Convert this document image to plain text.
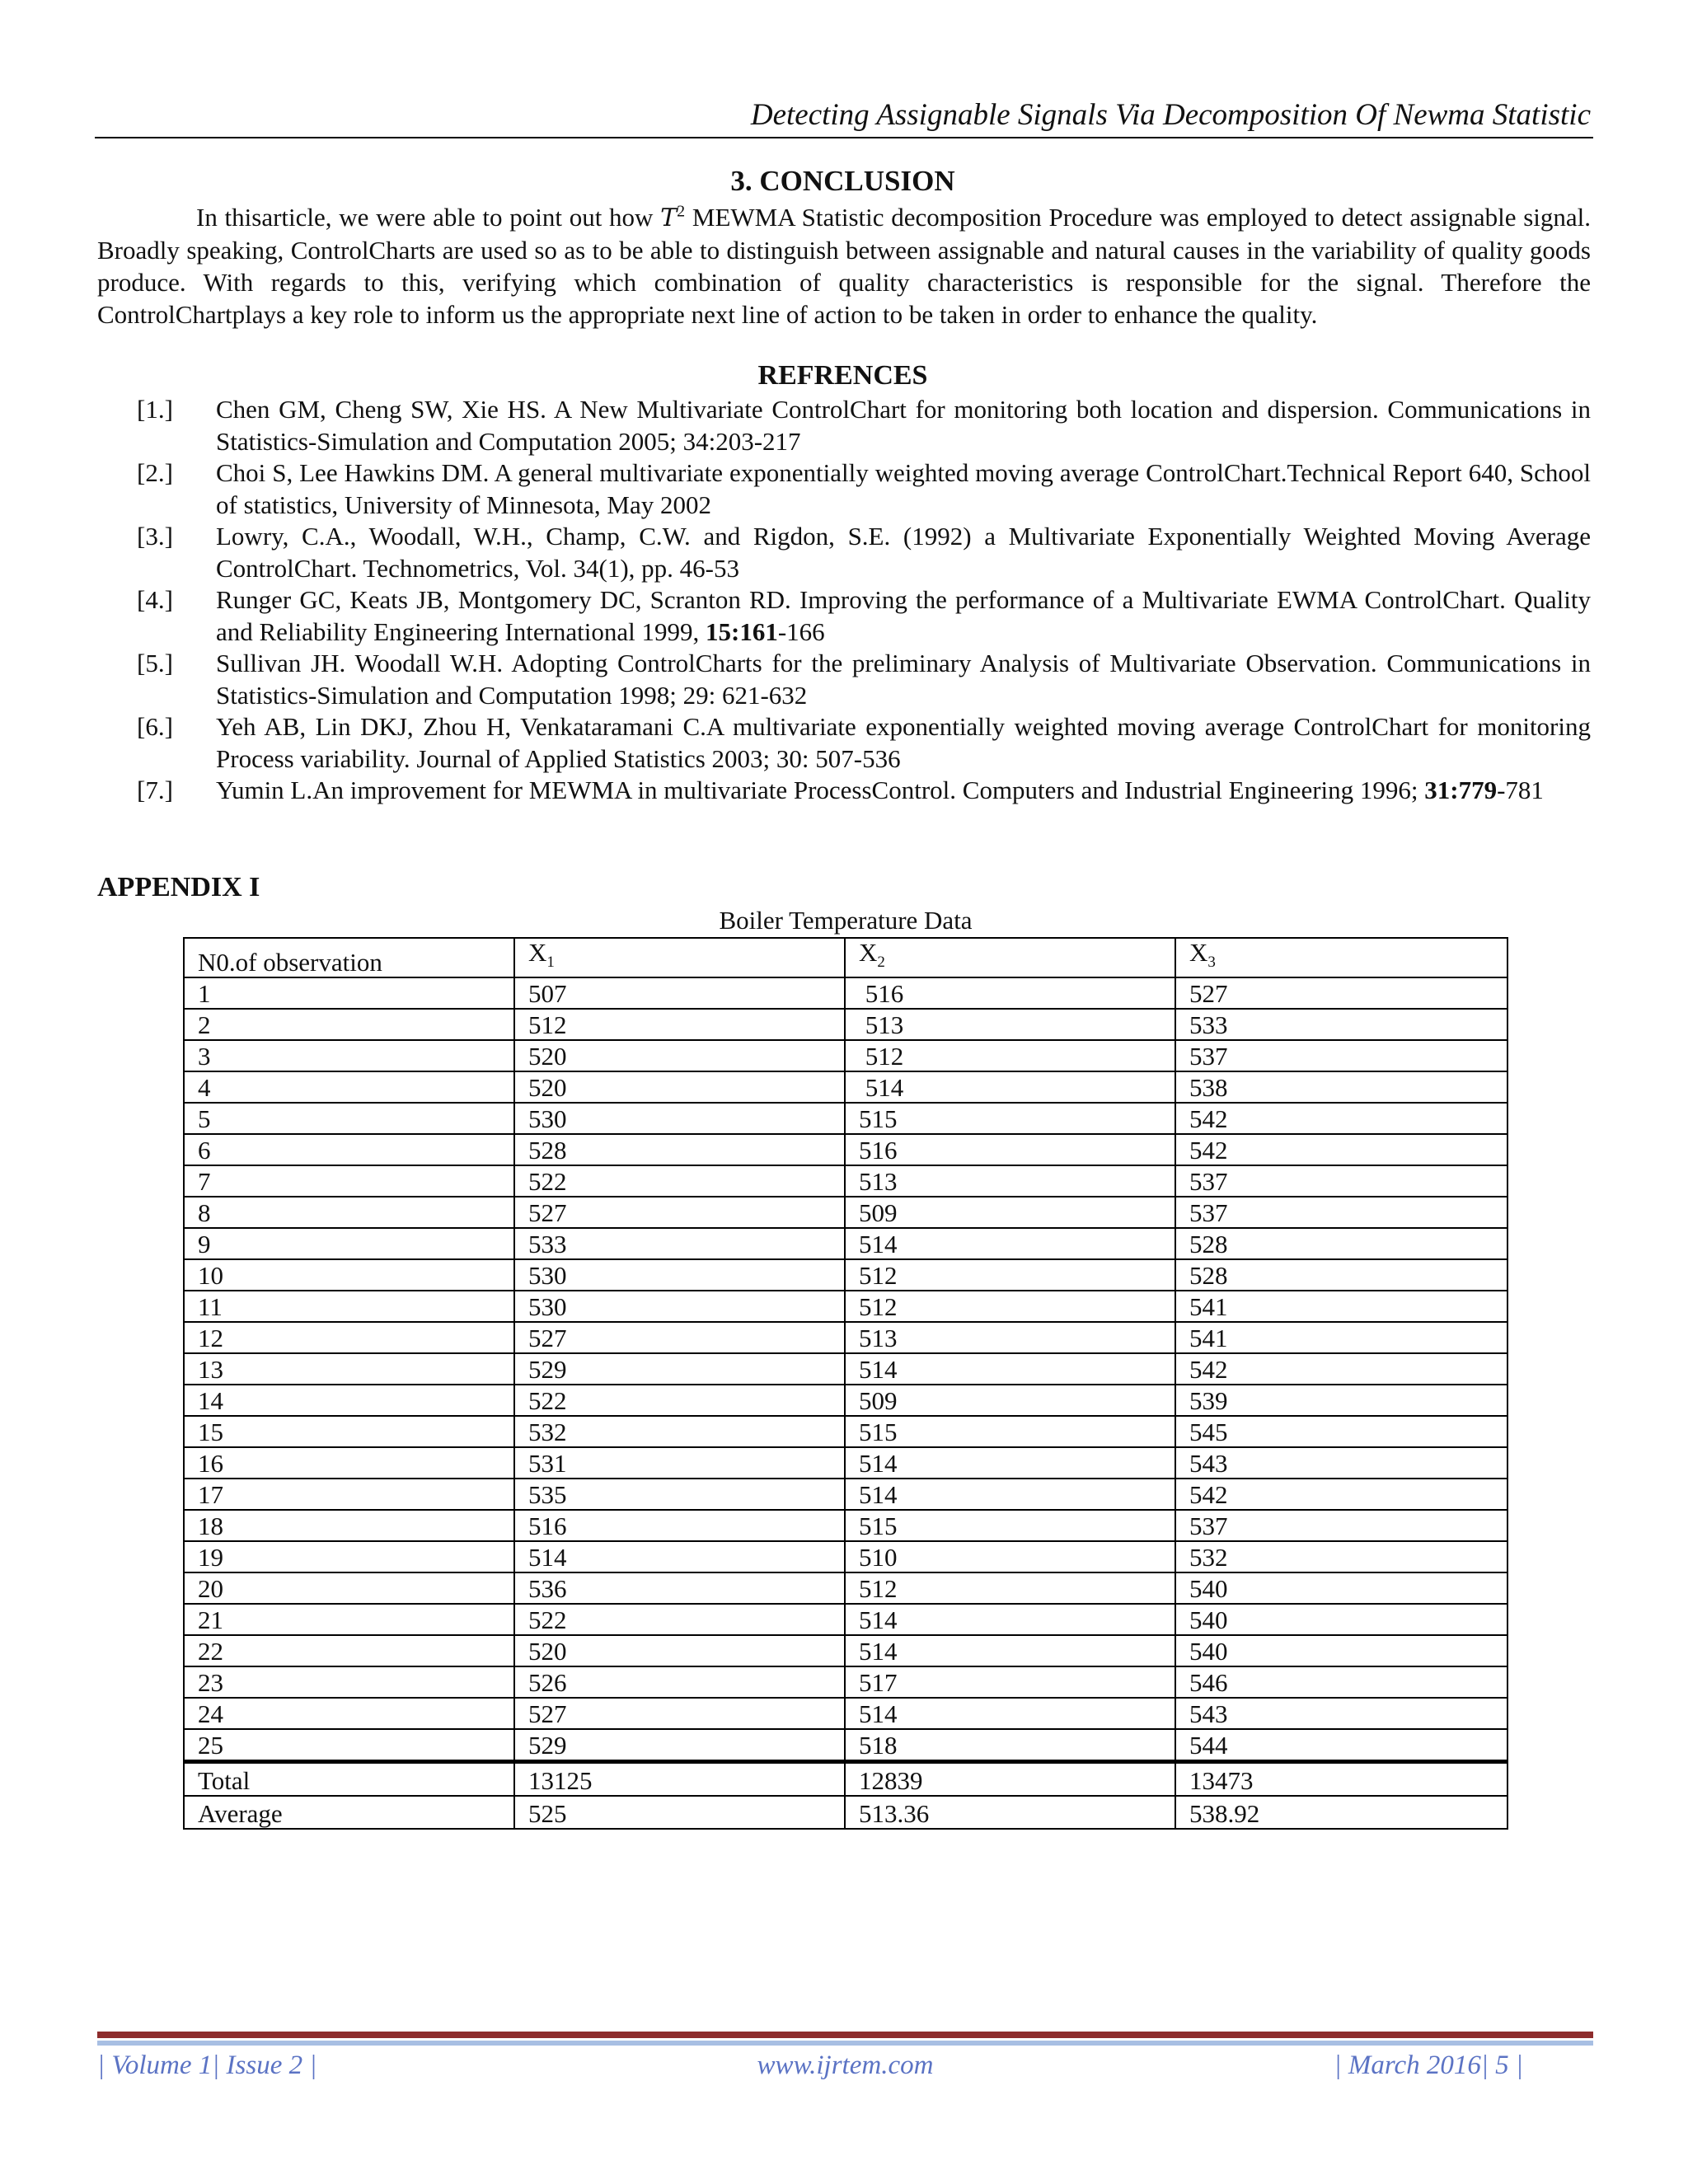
Detecting Assignable Signals Via Decomposition Of Newma Statistic
3. CONCLUSION

In thisarticle, we were able to point out how $T^2$ MEWMA Statistic decomposition Procedure was employed to detect assignable signal. Broadly speaking, ControlCharts are used so as to be able to distinguish between assignable and natural causes in the variability of quality goods produce. With regards to this, verifying which combination of quality characteristics is responsible for the signal. Therefore the ControlChartplays a key role to inform us the appropriate next line of action to be taken in order to enhance the quality.

REFRENCES
[1.] Chen GM, Cheng SW, Xie HS. A New Multivariate ControlChart for monitoring both location and dispersion. Communications in Statistics-Simulation and Computation 2005; 34:203-217
[2.] Choi S, Lee Hawkins DM. A general multivariate exponentially weighted moving average ControlChart.Technical Report 640, School of statistics, University of Minnesota, May 2002
[3.] Lowry, C.A., Woodall, W.H., Champ, C.W. and Rigdon, S.E. (1992) a Multivariate Exponentially Weighted Moving Average ControlChart. Technometrics, Vol. 34(1), pp. 46-53
[4.] Runger GC, Keats JB, Montgomery DC, Scranton RD. Improving the performance of a Multivariate EWMA ControlChart. Quality and Reliability Engineering International 1999, 15:161-166
[5.] Sullivan JH. Woodall W.H. Adopting ControlCharts for the preliminary Analysis of Multivariate Observation. Communications in Statistics-Simulation and Computation 1998; 29: 621-632
[6.] Yeh AB, Lin DKJ, Zhou H, Venkataramani C.A multivariate exponentially weighted moving average ControlChart for monitoring Process variability. Journal of Applied Statistics 2003; 30: 507-536
[7.] Yumin L.An improvement for MEWMA in multivariate ProcessControl. Computers and Industrial Engineering 1996; 31:779-781
APPENDIX I
Boiler Temperature Data
N0.of observation	$X_1$	$X_2$	$X_3$
1	507	516	527
2	512	513	533
3	520	512	537
4	520	514	538
5	530	515	542
6	528	516	542
7	522	513	537
8	527	509	537
9	533	514	528
10	530	512	528
11	530	512	541
12	527	513	541
13	529	514	542
14	522	509	539
15	532	515	545
16	531	514	543
17	535	514	542
18	516	515	537
19	514	510	532
20	536	512	540
21	522	514	540
22	520	514	540
23	526	517	546
24	527	514	543
25	529	518	544
Total	13125	12839	13473
Average	525	513.36	538.92
| Volume 1| Issue 2 |	www.ijrtem.com	| March 2016| 5 |
